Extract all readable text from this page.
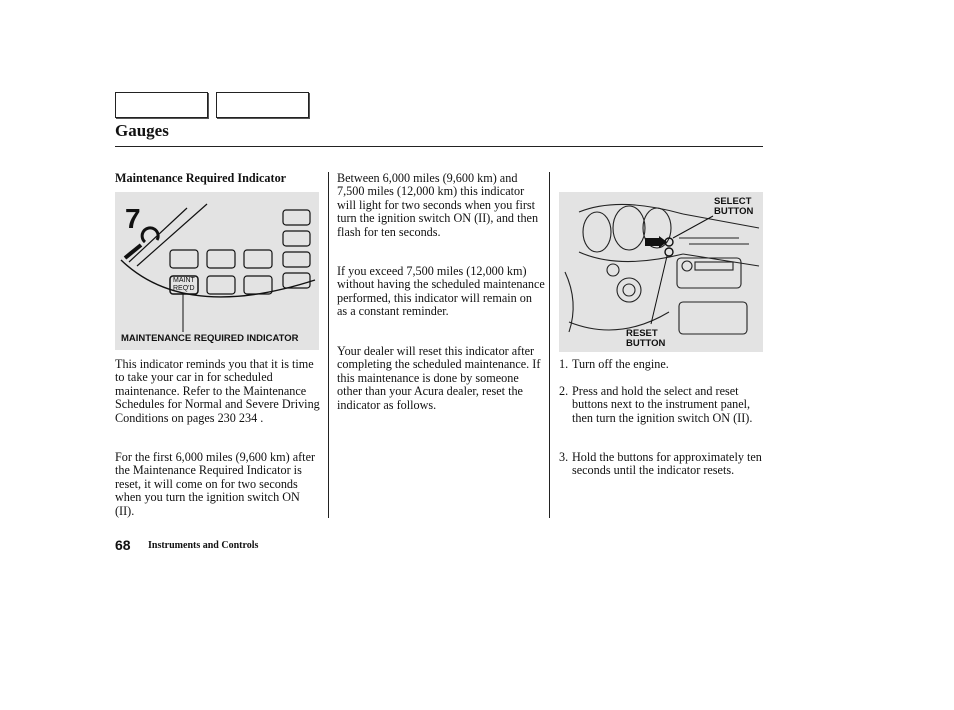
Gauges
Maintenance Required Indicator
7
MAINT
REQ'D
MAINTENANCE REQUIRED INDICATOR

This indicator reminds you that it is time to take your car in for scheduled maintenance. Refer to the Maintenance Schedules for Normal and Severe Driving Conditions on pages 230 234 .

For the first 6,000 miles (9,600 km) after the Maintenance Required Indicator is reset, it will come on for two seconds when you turn the ignition switch ON (II).

Between 6,000 miles (9,600 km) and 7,500 miles (12,000 km) this indicator will light for two seconds when you first turn the ignition switch ON (II), and then flash for ten seconds.

If you exceed 7,500 miles (12,000 km) without having the scheduled maintenance performed, this indicator will remain on as a constant reminder.

Your dealer will reset this indicator after completing the scheduled maintenance. If this maintenance is done by someone other than your Acura dealer, reset the indicator as follows.

SELECT
BUTTON
RESET
BUTTON
1. Turn off the engine.
2. Press and hold the select and reset buttons next to the instrument panel, then turn the ignition switch ON (II).
3. Hold the buttons for approximately ten seconds until the indicator resets.
68 Instruments and Controls
